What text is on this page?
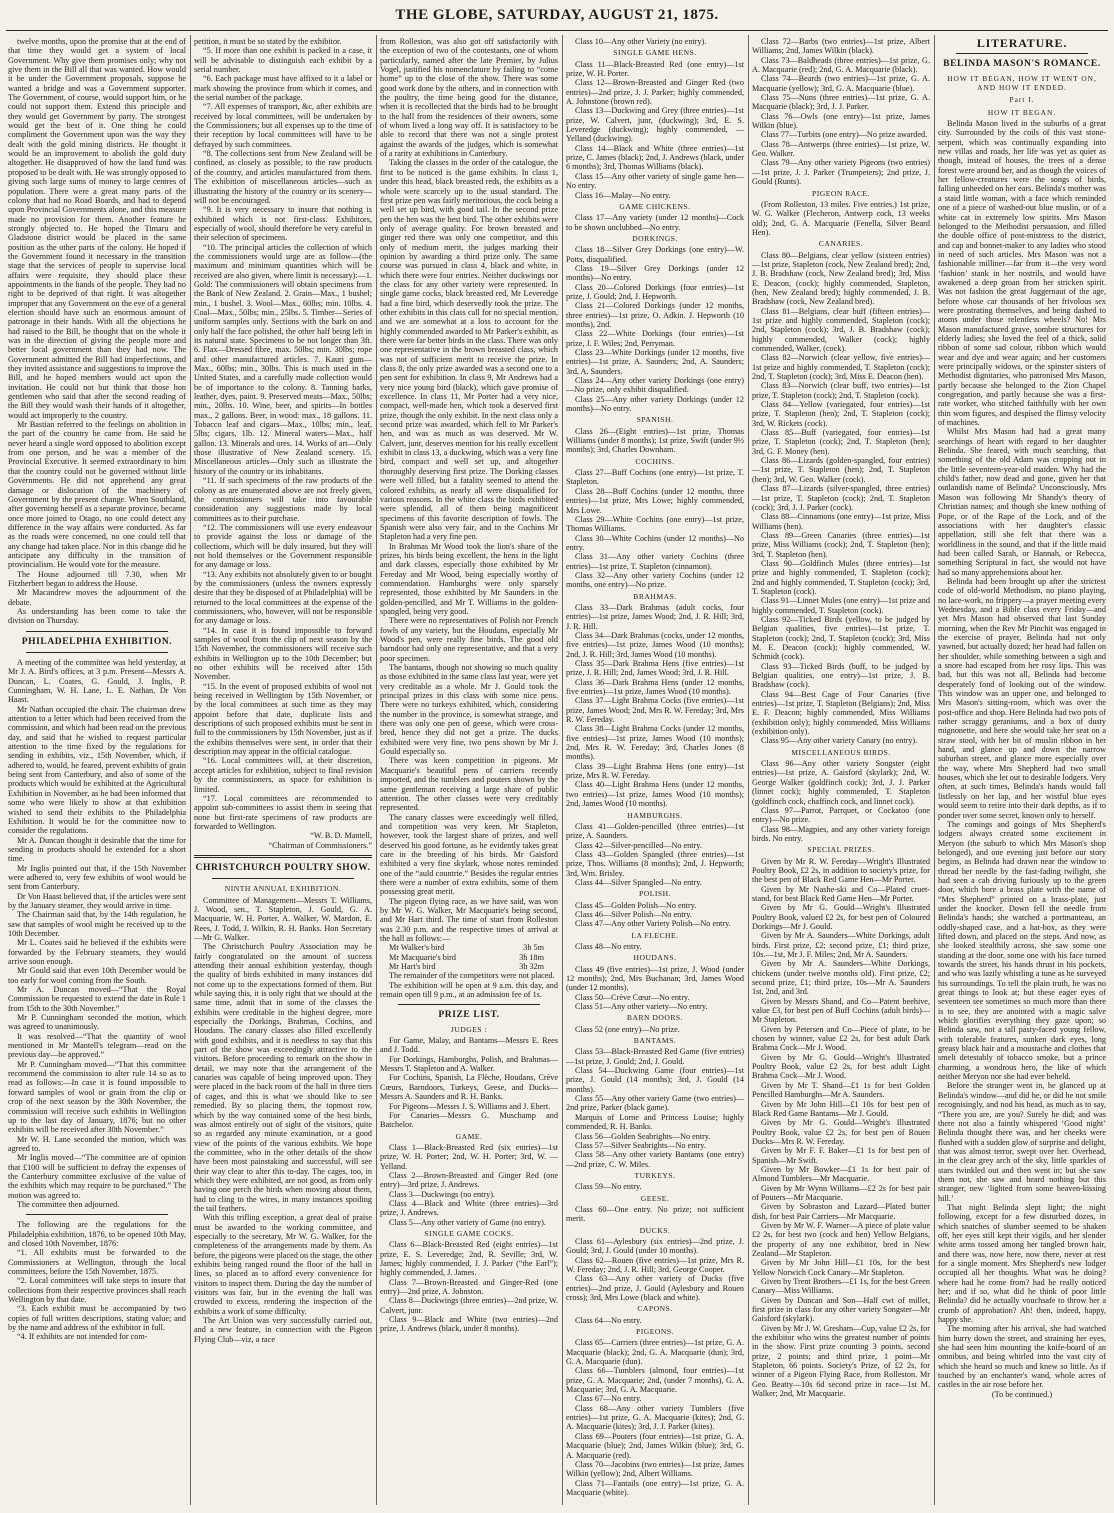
THE GLOBE, SATURDAY, AUGUST 21, 1875.

twelve months, upon the promise that at the end of that time they would get a system of local Government. Why give them promises only; why not give them in the Bill all that was wanted. How would it be under the Government proposals, suppose he wanted a bridge and was a Government supporter. The Government, of course, would support him, or he could not support them. Extend this principle and they would get Government by party. The strongest would get the best of it. One thing he could compliment the Government upon was the way they dealt with the gold mining districts. He thought it would be an improvement to abolish the gold duty altogether. He disapproved of how the land fund was proposed to be dealt with. He was strongly opposed to giving such large sums of money to large centres of population. There were a great many parts of the colony that had no Road Boards, and had to depend upon Provincial Governments alone, and this measure made no provision for them. Another feature he strongly objected to. He hoped the Timaru and Gladstone district would be placed in the same position as the other parts of the colony. He hoped if the Government found it necessary in the transition stage that the services of people to supervise local affairs were requisite, they should place these appointments in the hands of the people. They had no right to be deprived of that right. It was altogether improper that any Government on the eve of a general election should have such an enormous amount of patronage in their hands. With all the objections he had raised to the Bill, he thought that on the whole it was in the direction of giving the people more and better local government than they had now. The Government admitted the Bill had imperfections, and they invited assistance and suggestions to improve the Bill, and he hoped members would act upon the invitation. He could not but think that those hon gentlemen who said that after the second reading of the Bill they would wash their hands of it altogether, would act improperly to the country.

Mr Bastian referred to the feelings on abolition in the part of the country he came from. He said he never heard a single word opposed to abolition except from one person, and he was a member of the Provincial Executive. It seemed extraordinary to him that the country could not be governed without little Governments. He did not apprehend any great damage or dislocation of the machinery of Government by the present change. When Southland, after governing herself as a separate province, became once more joined to Otago, no one could detect any difference in the way affairs were conducted. As far as the roads were concerned, no one could tell that any change had taken place. Nor in this change did he anticipate any difficulty in the transition of provincialism. He would vote for the measure.

The House adjourned till 7.30, when Mr Fitzherbert began to address the House.

Mr Macandrew moves the adjournment of the debate.

As understanding has been come to take the division on Thursday.

PHILADELPHIA EXHIBITION.

A meeting of the committee was held yesterday, at Mr J. A. Bird's offices, at 3 p.m. Present—Messrs A. Duncan, L. Coates, G. Gould, J. Inglis, P. Cunningham, W. H. Lane, L. E. Nathan, Dr Von Haast.

Mr Nathan occupied the chair. The chairman drew attention to a letter which had been received from the commission, and which had been read on the previous day, and said that he wished to request particular attention to the time fixed by the regulations for sending in exhibits, viz., 15th November, which, if adhered to, would, he feared, prevent exhibits of grain being sent from Canterbury, and also of some of the products which would be exhibited at the Agricultural Exhibition in November, as he had been informed that some who were likely to show at that exhibition wished to send their exhibits to the Philadelphia Exhibition. It would be for the committee now to consider the regulations.

Mr A. Duncan thought it desirable that the time for sending in products should be extended for a short time.

Mr Inglis pointed out that, if the 15th November were adhered to, very few exhibits of wool would be sent from Canterbury.

Dr Von Haast believed that, if the articles were sent by the January steamer, they would arrive in time.

The Chairman said that, by the 14th regulation, he saw that samples of wool might be received up to the 10th December.

Mr L. Coates said he believed if the exhibits were forwarded by the February steamers, they would arrive soon enough.

Mr Gould said that even 10th December would be too early for wool coming from the South.

Mr A. Duncan moved—“That the Royal Commission be requested to extend the date in Rule 1 from 15th to the 30th November.”

Mr P. Cunningham seconded the motion, which was agreed to unanimously.

It was resolved—“That the quantity of wool mentioned in Mr Mantell's telegram—read on the previous day—be approved.”

Mr P. Cunningham moved—“That this committee recommend the commission to alter rule 14 so as to read as follows:—In case it is found impossible to forward samples of wool or grain from the clip or crop of the next season by the 30th November, the commission will receive such exhibits in Wellington up to the last day of January, 1876; but no other exhibits will be received after 30th November.”

Mr W. H. Lane seconded the motion, which was agreed to.

Mr Inglis moved—“The committee are of opinion that £100 will be sufficient to defray the expenses of the Canterbury committee exclusive of the value of the exhibits which may require to be purchased.” The motion was agreed to.

The committee then adjourned.

The following are the regulations for the Philadelphia exhibition, 1876, to be opened 10th May, and closed 10th November, 1876:

“1. All exhibits must be forwarded to the Commissioners at Wellington, through the local committees, before the 15th November, 1875.

“2. Local committees will take steps to insure that collections from their respective provinces shall reach Wellington by that date.

“3. Each exhibit must be accompanied by two copies of full written descriptions, stating value; and by the name and address of the exhibitor in full.

“4. If exhibits are not intended for com-

petition, it must be so stated by the exhibitor.

“5. If more than one exhibit is packed in a case, it will be advisable to distinguish each exhibit by a serial number.

“6. Each package must have affixed to it a label or mark showing the province from which it comes, and the serial number of the package.

“7. All expenses of transport, &c, after exhibits are received by local committees, will be undertaken by the Commissioners; but all expenses up to the time of their reception by local committees will have to be defrayed by such committees.

“8. The collections sent from New Zealand will be confined, as closely as possible, to the raw products of the country, and articles manufactured from them. The exhibition of miscellaneous articles—such as illustrating the history of the country or its scenery—will not be encouraged.

“9. It is very necessary to insure that nothing is exhibited which is not first-class. Exhibitors, especially of wool, should therefore be very careful in their selection of specimens.

“10. The principal articles the collection of which the commissioners would urge are as follow—(the maximum and minimum quantities which will be received are also given, where limit is necessary):—1. Gold: The commissioners will obtain specimens from the Bank of New Zealand. 2. Grain—Max., 1 bushel; min., 1 bushel. 3. Wool—Max., 60lbs; min. 10lbs. 4. Coal—Max., 50lbs; min., 25lbs. 5. Timber—Series of uniform samples only. Sections with the bark on and only half the face polished, the other half being left in its natural state. Specimens to be not longer than 3ft. 6. Flax—Dressed fibre, max. 50lbs; min. 30lbs; rope and other manufactured articles. 7. Kauri gum—Max., 60lbs; min., 30lbs. This is much used in the United States, and a carefully made collection would be of importance to the colony. 8. Tanning barks, leather, dyes, paint. 9. Preserved meats—Max., 50lbs; min., 20lbs. 10. Wine, beer, and spirits—In bottles max., 2 gallons. Beer, in wood: max., 18 gallons. 11. Tobacco leaf and cigars—Max., 10lbs; min., leaf, 5lbs; cigars, 1lb. 12. Mineral waters—Max., half gallon. 13. Minerals and ores. 14. Works of art—Only those illustrative of New Zealand scenery. 15. Miscellaneous articles—Only such as illustrate the history of the country or its inhabitants.

“11. If such specimens of the raw products of the colony as are enumerated above are not freely given, the commissioners will take into favourable consideration any suggestions made by local committees as to their purchase.

“12. The commissioners will use every endeavour to provide against the loss or damage of the collections, which will be duly insured, but they will not hold themselves or the Government responsible for any damage or loss.

“13. Any exhibits not absolutely given to or bought by the commissioners (unless the owners expressly desire that they be disposed of at Philadelphia) will be returned to the local committees at the expense of the commissioners, who, however, will not be responsible for any damage or loss.

“14. In case it is found impossible to forward samples of wool from the clip of next season by the 15th November, the commissioners will receive such exhibits in Wellington up to the 10th December; but no other exhibits will be received after 15th November.

“15. In the event of proposed exhibits of wool not being received in Wellington by 15th November, or by the local committees at such time as they may appoint before that date, duplicate lists and descriptions of such proposed exhibits must be sent in full to the commissioners by 15th November, just as if the exhibits themselves were sent, in order that their description may appear in the official catalogue.

“16. Local committees will, at their discretion, accept articles for exhibition, subject to final revision by the commissioners, as space for exhibition is limited.

“17. Local committees are recommended to appoint sub-committees to assist them in seeing that none but first-rate specimens of raw products are forwarded to Wellington.

“W. B. D. Mantell,

“Chairman of Commissioners.”

CHRISTCHURCH POULTRY SHOW.
NINTH ANNUAL EXHIBITION.

Committee of Management—Messrs T. Williams, J. Wood, sen., T. Stapleton, J. Gould, G. A. Macquarie, W. H. Porter, A. Walker, W. Mardon, E. Rees, J. Todd, J. Wilkin, R. H. Banks. Hon Secretary—Mr G. Walker.

The Christchurch Poultry Association may be fairly congratulated on the amount of success attending their annual exhibition yesterday, though the quality of birds exhibited in many instances did not come up to the expectations formed of them. But while saying this, it is only right that we should at the same time, admit that in some of the classes the exhibits were creditable in the highest degree, more especially the Dorkings, Brahmas, Cochins, and Houdans. The canary classes also filled excellently with good exhibits, and it is needless to say that this part of the show was exceedingly attractive to the visitors. Before proceeding to remark on the show in detail, we may note that the arrangement of the canaries was capable of being improved upon. They were placed in the back room of the hall in three tiers of cages, and this is what we should like to see remedied. By so placing them, the topmost row, which by the way contained some of the best birds, was almost entirely out of sight of the visitors, quite so as regarded any minute examination, or a good view of the points of the various exhibits. We hope the committee, who in the other details of the show have been most painstaking and successful, will see their way clear to alter this to-day. The cages, too, in which they were exhibited, are not good, as from only having one perch the birds when moving about them, had to cling to the wires, in many instances spoiling the tail feathers.

With this trifling exception, a great deal of praise must be awarded to the working committee, and especially to the secretary, Mr W. G. Walker, for the completeness of the arrangements made by them. As before, the pigeons were placed on the stage, the other exhibits being ranged round the floor of the hall in lines, so placed as to afford every convenience for visitors to inspect them. During the day the number of visitors was fair, but in the evening the hall was crowded to excess, rendering the inspection of the exhibits a work of some difficulty.

The Art Union was very successfully carried out, and a new feature, in connection with the Pigeon Flying Club—viz, a race

from Rolleston, was also got off satisfactorily with the exception of two of the contestants, one of whom particularly, named after the late Premier, by Julius Vogel, justified his nomenclature by failing to “come home” up to the close of the show. There was some good work done by the others, and in connection with the poultry, the time being good for the distance, when it is recollected that the birds had to be brought to the hall from the residences of their owners, some of whom lived a long way off. It is satisfactory to be able to record that there was not a single protest against the awards of the judges, which is somewhat of a rarity at exhibitions in Canterbury.

Taking the classes in the order of the catalogue, the first to be noticed is the game exhibits. In class 1, under this head, black breasted reds, the exhibits as a whole were scarcely up to the usual standard. The first prize pen was fairly meritorious, the cock being a well set up bird, with good tail. In the second prize pen the hen was the best bird. The other exhibits were only of average quality. For brown breasted and ginger red there was only one competitor, and this only of medium merit, the judges marking their opinion by awarding a third prize only. The same course was pursued in class 4, black and white, in which there were four entries. Neither duckwings nor the class for any other variety were represented. In single game cocks, black breasted red, Mr Leveredge had a fine bird, which deservedly took the prize. The other exhibits in this class call for no special mention, and we are somewhat at a loss to account for the highly commended awarded to Mr Parker's exhibit, as there were far better birds in the class. There was only one representative in the brown breasted class, which was not of sufficient merit to receive the prize. In class 8, the only prize awarded was a second one to a pen sent for exhibition. In class 9, Mr Andrews had a very nice young bird (black), which gave promise of excellence. In class 11, Mr Porter had a very nice, compact, well-made hen, which took a deserved first prize, though the only exhibit. In the next class only a second prize was awarded, which fell to Mr Parker's hen, and was as much as was deserved. Mr W. Calvert, junr, deserves mention for his really excellent exhibit in class 13, a duckwing, which was a very fine bird, compact and well set up, and altogether thoroughly deserving first prize. The Dorking classes were well filled, but a fatality seemed to attend the colored exhibits, as nearly all were disqualified for various reasons. In the white class the birds exhibited were splendid, all of them being magnificent specimens of this favorite description of fowls. The Spanish were also very fair, and in the Cochins Mr Stapleton had a very fine pen.

In Brahmas Mr Wood took the lion's share of the prizes, his birds being excellent, the hens in the light and dark classes, especially those exhibited by Mr Fereday and Mr Wood, being especially worthy of commendation. Hamburghs were only sparsely represented, those exhibited by Mr Saunders in the golden-pencilled, and Mr T. Williams in the golden-spangled, being very good.

There were no representatives of Polish nor French fowls of any variety, but the Houdans, especially Mr Wood's pen, were really fine birds. The good old barndoor had only one representative, and that a very poor specimen.

The bantams, though not showing so much quality as those exhibited in the same class last year, were yet very creditable as a whole. Mr J. Gould took the principal prizes in this class with some nice pens. There were no turkeys exhibited, which, considering the number in the province, is somewhat strange, and there was only one pen of geese, which were cross-bred, hence they did not get a prize. The ducks exhibited were very fine, two pens shown by Mr J. Gould especially so.

There was keen competition in pigeons. Mr Macquarie's beautiful pens of carriers recently imported, and the tumblers and pouters shown by the same gentleman receiving a large share of public attention. The other classes were very creditably represented.

The canary classes were exceedingly well filled, and competition was very keen. Mr Stapleton, however, took the largest share of prizes, and well deserved his good fortune, as he evidently takes great care in the breeding of his birds. Mr Gaisford exhibited a very fine skylark, whose notes reminded one of the “auld countrie.” Besides the regular entries there were a number of extra exhibits, some of them possessing great merit.

The pigeon flying race, as we have said, was won by Mr W. G. Walker, Mr Macquarie's being second, and Mr Hart third. The time of start from Rolleston was 2.30 p.m. and the respective times of arrival at the hall as follows:—

Mr Walker's bird	3h 5m
Mr Macquarie's bird	3h 18m
Mr Hart's bird	3h 32m

The remainder of the competitors were not placed.

The exhibition will be open at 9 a.m. this day, and remain open till 9 p.m., at an admission fee of 1s.

PRIZE LIST.
JUDGES :

For Game, Malay, and Bantams—Messrs E. Rees and J. Todd.

For Dorkings, Hamburghs, Polish, and Brahmas—Messrs T. Stapleton and A. Walker.

For Cochins, Spanish, La Flèche, Houdans, Crève Cœurs, Barndoors, Turkeys, Geese, and Ducks—Messrs A. Saunders and R. H. Banks.

For Pigeons—Messrs J. S. Williams and J. Ebert.

For Canaries—Messrs G. Muschamp and Batchelor.

GAME.

Class 1—Black-Breasted Red (six entries)—1st prize, W. H. Porter; 2nd, W. H. Porter; 3rd, W. — Yelland.

Class 2—Brown-Breasted and Ginger Red (one entry)—3rd prize, J. Andrews.

Class 3—Duckwings (no entry).

Class 4—Black and White (three entries)—3rd prize, J. Andrews.

Class 5—Any other variety of Game (no entry).

SINGLE GAME COCKS.

Class 6—Black-Breasted Red (eight entries)—1st prize, E. S. Leveredge; 2nd, R. Seville; 3rd, W. James; highly commended, J. J. Parker (“the Earl”); highly commended, J. James.

Class 7—Brown-Breasted and Ginger-Red (one entry)—2nd prize, A. Johnston.

Class 8—Duckwings (three entries)—2nd prize, W. Calvert, junr.

Class 9—Black and White (two entries)—2nd prize, J. Andrews (black, under 8 months).

Class 10—Any other Variety (no entry).

SINGLE GAME HENS.

Class 11—Black-Breasted Red (one entry)—1st prize, W. H. Porter.

Class 12—Brown-Breasted and Ginger Red (two entries)—2nd prize, J. J. Parker; highly commended, A. Johnstone (brown red).

Class 13—Duckwing and Grey (three entries)—1st prize, W. Calvert, junr, (duckwing); 3rd, E. S. Leveredge (duckwing); highly commended, — Yelland (duckwing).

Class 14—Black and White (three entries)—1st prize, C. James (black); 2nd, J. Andrews (black, under 6 months); 3rd, Thomas Williams (black).

Class 15—Any other variety of single game hen—No entry.

Class 16—Malay—No entry.

GAME CHICKENS.

Class 17—Any variety (under 12 months)—Cock to be shown unclubbed—No entry.

DORKINGS.

Class 18—Silver Grey Dorkings (one entry)—W. Potts, disqualified.

Class 19—Silver Grey Dorkings (under 12 months)—No entry.

Class 20—Colored Dorkings (four entries)—1st prize, J. Gould; 2nd, J. Hepworth.

Class 21—Colored Dorkings (under 12 months, three entries)—1st prize, O. Adkin. J. Hepworth (10 months), 2nd.

Class 22—White Dorkings (four entries)—1st prize, J. F. Wiles; 2nd, Perryman.

Class 23—White Dorkings (under 12 months, five entries)—1st prize, A. Saunders; 2nd, A. Saunders; 3rd, A. Saunders.

Class 24—Any other variety Dorkings (one entry)—No prize, only exhibit disqualified.

Class 25—Any other variety Dorkings (under 12 months)—No entry.

SPANISH.

Class 26—(Eight entries)—1st prize, Thomas Williams (under 8 months); 1st prize, Swift (under 9½ months); 3rd, Charles Downham.

COCHINS.

Class 27—Buff Cochins (one entry)—1st prize, T. Stapleton.

Class 28—Buff Cochins (under 12 months, three entries)—1st prize, Mrs Lowe; highly commended, Mrs Lowe.

Class 29—White Cochins (one entry)—1st prize, Thomas Williams.

Class 30—White Cochins (under 12 months)—No entry.

Class 31—Any other variety Cochins (three entries)—1st prize, T. Stapleton (cinnamon).

Class 32—Any other variety Cochins (under 12 months, one entry)—No prize.

BRAHMAS.

Class 33—Dark Brahmas (adult cocks, four entries)—1st prize, James Wood; 2nd, J. R. Hill; 3rd, J. R. Hill.

Class 34—Dark Brahmas (cocks, under 12 months, five entries)—1st prize, James Wood (10 months); 2nd, J. R. Hill; 3rd, James Wood (10 months).

Class 35—Dark Brahma Hens (five entries)—1st prize, J. R. Hill; 2nd, James Wood; 3rd, J. R. Hill.

Class 36—Dark Brahma Hens (under 12 months, five entries)—1st prize, James Wood (10 months).

Class 37—Light Brahma Cocks (five entries)—1st prize, James Wood; 2nd, Mrs R. W. Fereday; 3rd, Mrs R. W. Fereday.

Class 38—Light Brahma Cocks (under 12 months, five entries)—1st prize, James Wood (10 months); 2nd, Mrs R. W. Fereday; 3rd, Charles Jones (8 months).

Class 39—Light Brahma Hens (one entry)—1st prize, Mrs R. W. Fereday.

Class 40—Light Brahma Hens (under 12 months, two entries)—1st prize, James Wood (10 months); 2nd, James Wood (10 months).

HAMBURGHS.

Class 41—Golden-pencilled (three entries)—1st prize, A. Saunders.

Class 42—Silver-pencilled—No entry.

Class 43—Golden Spangled (three entries)—1st prize, Thos. Williams (8 months); 2nd, J. Hepworth; 3rd, Wm. Brisley.

Class 44—Silver Spangled—No entry.

POLISH.

Class 45—Golden Polish—No entry.

Class 46—Silver Polish—No entry.

Class 47—Any other Variety Polish—No entry.

LA FLECHE.

Class 48—No entry.

HOUDANS.

Class 49 (five entries)—1st prize, J. Wood (under 12 months); 2nd, Mrs Buchanan; 3rd, James Wood (under 12 months).

Class 50—Crève Cœur—No entry.

Class 51—Any other variety—No entry.

BARN DOORS.

Class 52 (one entry)—No prize.

BANTAMS.

Class 53—Black-Breasted Red Game (five entries)—1st prize, J. Gould; 2nd, J. Gould.

Class 54—Duckwing Game (four entries)—1st prize, J. Gould (14 months); 3rd, J. Gould (14 months).

Class 55—Any other variety Game (two entries)—2nd prize, Parker (black game).

Marquis of Lorne and Princess Louise; highly commended, R. H. Banks.

Class 56—Golden Seabrights—No entry.

Class 57—Silver Seabrights—No entry.

Class 58—Any other variety Bantams (one entry)—2nd prize, C. W. Miles.

TURKEYS.

Class 59—No entry.

GEESE.

Class 60—One entry. No prize; not sufficient merit.

DUCKS.

Class 61—Aylesbury (six entries)—2nd prize, J. Gould; 3rd, J. Gould (under 10 months).

Class 62—Rouen (five entries)—1st prize, Mrs R. W. Fereday; 2nd, J. R. Hill; 3rd, George Cooper.

Class 63—Any other variety of Ducks (five entries)—2nd prize, J. Gould (Aylesbury and Rouen cross); 3rd, Mrs Lowe (black and white).

CAPONS.

Class 64—No entry.

PIGEONS.

Class 65—Carriers (three entries)—1st prize, G. A. Macquarie (black); 2nd, G. A. Macquarie (dun); 3rd, G. A. Macquarie (dun).

Class 66—Tumblers (almond, four entries)—1st prize, G. A. Macquarie; 2nd, (under 7 months), G. A. Macquarie; 3rd, G. A. Macquarie.

Class 67—No entry.

Class 68—Any other variety Tumblers (five entries)—1st prize, G. A. Macquarie (kites); 2nd, G. A. Macquarie (kites); 3rd, J. J. Parker (kites).

Class 69—Pouters (four entries)—1st prize, G. A. Macquarie (blue); 2nd, James Wilkin (blue); 3rd, G. A. Macquarie (red).

Class 70—Jacobins (two entries)—1st prize, James Wilkin (yellow); 2nd, Albert Williams.

Class 71—Fantails (one entry)—1st prize, G. A. Macquarie (white).

Class 72—Barbs (two entries)—1st prize, Albert Williams; 2nd, James Wilkin (black).

Class 73—Baldheads (three entries)—1st prize, G. A. Macquarie (red); 2nd, G. A. Macquarie (black).

Class 74—Beards (two entries)—1st prize, G. A. Macquarie (yellow); 3rd, G. A. Macquarie (blue).

Class 75—Nuns (three entries)—1st prize, G. A. Macquarie (black); 3rd, J. J. Parker.

Class 76—Owls (one entry)—1st prize, James Wilkin (blue).

Class 77—Turbits (one entry)—No prize awarded.

Class 78—Antwerps (three entries)—1st prize, W. Geo. Walker.

Class 79—Any other variety Pigeons (two entries)—1st prize, J. J. Parker (Trumpeters); 2nd prize, J. Gould (Runts).

PIGEON RACE.

(From Rolleston, 13 miles. Five entries.) 1st prize, W. G. Walker (Flecheron, Antwerp cock, 13 weeks old); 2nd, G. A. Macquarie (Fenella, Silver Beard Hen).

CANARIES.

Class 80—Belgians, clear yellow (sixteen entries)—1st prize, Stapleton (cock, New Zealand bred); 2nd, J. B. Bradshaw (cock, New Zealand bred); 3rd, Miss E. Deacon, (cock); highly commended, Stapleton, (hen, New Zealand bred); highly commended, J. B. Bradshaw (cock, New Zealand bred).

Class 81—Belgians, clear buff (fifteen entries)—1st prize and highly commended, Stapleton (cock); 2nd, Stapleton (cock); 3rd, J. B. Bradshaw (cock); highly commended, Walker (cock); highly commended, Walker, (cock).

Class 82—Norwich (clear yellow, five entries)—1st prize and highly commended, T. Stapleton (cock); 2nd, T. Stapleton (cock); 3rd, Miss E. Deacon (hen).

Class 83—Norwich (clear buff, two entries)—1st prize, T. Stapleton (cock); 2nd, T. Stapleton (cock).

Class 84—Yellow (variegated, four entries)—1st prize, T. Stapleton (hen); 2nd, T. Stapleton (cock); 3rd, W. Rickets (cock).

Class 85—Buff (variegated, four entries)—1st prize, T. Stapleton (cock); 2nd, T. Stapleton (hen); 3rd, G. F. Money (hen).

Class 86—Lizards (golden-spangled, four entries)—1st prize, T. Stapleton (hen); 2nd, T. Stapleton (hen); 3rd, W. Geo. Walker (cock).

Class 87—Lizards (silver-spangled, three entries)—1st prize, T. Stapleton (cock); 2nd, T. Stapleton (cock); 3rd, J. J. Parker (cock).

Class 88—Cinnamons (one entry)—1st prize, Miss Williams (hen).

Class 89—Green Canaries (three entries)—1st prize, Miss Williams (cock); 2nd, T. Stapleton (hen); 3rd, T. Stapleton (hen).

Class 90—Goldfinch Mules (three entries)—1st prize and highly commended, T. Stapleton (cock); 2nd and highly commended, T. Stapleton (cock); 3rd, T. Stapleton (cock).

Class 91—Linnet Mules (one entry)—1st prize and highly commended, T. Stapleton (cock).

Class 92—Ticked Birds (yellow, to be judged by Belgian qualities, five entries)—1st prize, T. Stapleton (cock); 2nd, T. Stapleton (cock); 3rd, Miss M. E. Deacon (cock); highly commended, W. Schmidt (cock).

Class 93—Ticked Birds (buff, to be judged by Belgian qualities, one entry)—1st prize, J. B. Bradshaw (cock).

Class 94—Best Cage of Four Canaries (five entries)—1st prize, T. Stapleton (Belgians); 2nd, Miss E. F. Deacon; highly commended, Miss Williams (exhibition only); highly commended, Miss Williams (exhibition only).

Class 95—Any other variety Canary (no entry).

MISCELLANEOUS BIRDS.

Class 96—Any other variety Songster (eight entries)—1st prize, A. Gaisford (skylark); 2nd, W. George Walker (goldfinch cock); 3rd, J. J. Parker (linnet cock); highly commended, T. Stapleton (goldfinch cock, chaffinch cock, and linnet cock).

Class 97—Parrot, Parrquet, or Cockatoo (one entry)—No prize.

Class 98—Magpies, and any other variety foreign birds. No entry.

SPECIAL PRIZES.

Given by Mr R. W. Fereday—Wright's Illustrated Poultry Book, £2 2s, in addition to society's prize, for the best pen of Black Red Game Hen—Mr Porter.

Given by Mr Nashe-ski and Co—Plated cruet-stand, for best Black Red Game Hen—Mr Porter.

Given by Mr G. Gould—Wright's Illustrated Poultry Book, valued £2 2s, for best pen of Coloured Dorkings—Mr J. Gould.

Given by Mr A. Saunders—White Dorkings, adult birds. First prize, £2; second prize, £1; third prize, 10s.—1st, Mr J. F. Miles; 2nd, Mr A. Saunders.

Given by Mr A. Saunders—White Dorkings, chickens (under twelve months old). First prize, £2; second prize, £1; third prize, 10s—Mr A. Saunders 1st, 2nd, and 3rd.

Given by Messrs Shand, and Co—Patent beehive, value £3, for best pen of Buff Cochins (adult birds)—Mr Stapleton.

Given by Petersen and Co—Piece of plate, to be chosen by winner, value £2 2s, for best adult Dark Brahma Cock—Mr J. Wood.

Given by Mr G. Gould—Wright's Illustrated Poultry Book, value £2 2s, for best adult Light Brahma Cock—Mr J. Wood.

Given by Mr T. Shand—£1 1s for best Golden Pencilled Hamburghs—Mr A. Saunders.

Given by Mr John Hill—£1 10s for best pen of Black Red Game Bantams—Mr J. Gould.

Given by Mr G. Gould—Wright's Illustrated Poultry Book, value £2 2s, for best pen of Rouen Ducks—Mrs R. W. Fereday.

Given by Mr F. F. Baker—£1 1s for best pen of Spanish—Mr Swift.

Given by Mr Bowker—£1 1s for best pair of Almond Tumblers—Mr Macquarie.

Given by Mr Wynn Williams—£2 2s for best pair of Pouters—Mr Macquarie.

Given by Sobraston and Lazard—Plated butter dish, for best Pair Carriers—Mr Macquarie.

Given by Mr W. F. Warner—A piece of plate value £2 2s, for best two (cock and hen) Yellow Belgians, the property of any one exhibitor, bred in New Zealand—Mr Stapleton.

Given by Mr John Hill—£1 10s, for the best Yellow Norwich Cock Canary—Mr Stapleton.

Given by Trent Brothers—£1 1s, for the best Green Canary—Miss Williams.

Given by Duncan and Son—Half cwt of millet, first prize in class for any other variety Songster—Mr Gaisford (skylark).

Given by Mr J. W. Gresham—Cup, value £2 2s, for the exhibitor who wins the greatest number of points in the show. First prize counting 3 points, second prize, 2 points; and third prize, 1 point—Mr Stapleton, 66 points. Society's Prize, of £2 2s, for winner of a Pigeon Flying Race, from Rolleston. Mr Geo. Beatty—10s 6d second prize in race—1st M. Walker; 2nd, Mr Macquarie.

LITERATURE.
BELINDA MASON'S ROMANCE.
HOW IT BEGAN, HOW IT WENT ON, AND HOW IT ENDED.
Part I.
HOW IT BEGAN.

Belinda Mason lived in the suburbs of a great city. Surrounded by the coils of this vast stone-serpent, which was continually expanding into new villas and roads, her life was yet as quiet as though, instead of houses, the trees of a dense forest were around her, and as though the voices of her fellow-creatures were the songs of birds, falling unheeded on her ears. Belinda's mother was a staid little woman, with a face which reminded one of a piece of washed-out blue muslin, or of a white cat in extremely low spirits. Mrs Mason belonged to the Methodist persuasion, and filled the double office of post-mistress to the district, and cap and bonnet-maker to any ladies who stood in need of such articles. Mrs Mason was not a fashionable milliner—far from it—the very word ‘fashion’ stank in her nostrils, and would have awakened a deep groan from her stricken spirit. Was not fashion the great Juggernaut of the age, before whose car thousands of her frivolous sex were prostrating themselves, and being dashed to atoms under those relentless wheels? No! Mrs Mason manufactured grave, sombre structures for elderly ladies; she loved the feel of a thick, solid ribbon of some sad colour, ribbon which would wear and dye and wear again; and her customers were principally widows, or the spinster sisters of Methodist dignitaries, who patronised Mrs Mason, partly because she belonged to the Zion Chapel congregation, and partly because she was a first-rate worker, who stitched faithfully with her own thin worn figures, and despised the flimsy velocity of machines.

Whilst Mrs Mason had had a great many searchings of heart with regard to her daughter Belinda. She feared, with much searching, that something of the old Adam was cropping out in the little seventeen-year-old maiden. Why had the child's father, now dead and gone, given her that outlandish name of Belinda? Unconsciously, Mrs Mason was following Mr Shandy's theory of Christian names; and though she knew nothing of Pope, or of the Rape of the Lock, and of the associations with her daughter's classic appellation, still she felt that there was a worldliness in the sound, and that if the little maid had been called Sarah, or Hannah, or Rebecca, something Scriptural in fact, she would not have had so many apprehensions about her.

Belinda had been brought up after the strictest code of old-world Methodism, no piano playing, no lace-work, no frippery—a prayer meeting every Wednesday, and a Bible class every Friday—and yet Mrs Mason had observed that last Sunday morning, when the Rev Mr Pinchit was engaged in the exercise of prayer, Belinda had not only yawned, but actually dozed; her head had fallen on her shoulder, while something between a sigh and a snore had escaped from her rosy lips. This was bad, but this was not all, Belinda had become desperately fond of looking out of the window. This window was an upper one, and belonged to Mrs Mason's sitting-room, which was over the post-office and shop. Here Belinda had two pots of rather scraggy geraniums, and a box of dusty mignonette, and here she would take her seat on a straw stool, with her bit of muslin ribbon in her hand, and glance up and down the narrow suburban street, and glance more especially over the way, where Mrs Shepherd had two small houses, which she let out to desirable lodgers. Very often, at such times, Belinda's hands would fall listlessly on her lap, and her wistful blue eyes would seem to retire into their dark depths, as if to ponder over some secret, known only to herself.

The comings and goings of Mrs Shepherd's lodgers always created some excitement in Meryon (the suburb to which Mrs Mason's shop belonged), and one evening just before our story begins, as Belinda had drawn near the window to thread her needle by the fast-fading twilight, she had seen a cab driving furiously up to the green door, which bore a brass plate with the name of “Mrs Shepherd” printed on a brass-plate, just under the knocker. Down fell the needle from Belinda's hands; she watched a portmanteau, an oddly-shaped case, and a hat-box, as they were lifted down, and placed on the steps. And now, as she looked stealthily across, she saw some one standing at the door, some one with his face turned towards the street, his hands thrust in his pockets, and who was lazily whistling a tune as he surveyed his surroundings. To tell the plain truth, he was no great things to look at; but these eager eyes of seventeen see sometimes so much more than there is to see, they are anointed with a magic salve which glorifies everything they gaze upon; so Belinda saw, not a tall pasty-faced young fellow, with tolerable features, sunken dark eyes, long greasy black hair and a moustache and clothes that smelt detestably of tobacco smoke, but a prince charming, a wondrous hero, the like of which neither Meryon nor she had ever beheld.

Before the stranger went in, he glanced up at Belinda's window—and did he, or did he not smile recognisingly, and nod his head, as much as to say, “There you are, are you? Surely he did; and was there not also a faintly whispered ‘Good night’ Belinda thought there was, and her cheeks were flushed with a sudden glow of surprise and delight, that was almost terror, swept over her. Overhead, in the clear grey arch of the sky, little sparkles of stars twinkled out and then went in; but she saw them not, she saw and heard nothing but this stranger, new ‘lighted from some heaven-kissing hill.’

That night Belinda slept light; the night following, except for a few disturbed dozes, in which snatches of slumber seemed to be shaken off, her eyes still kept their vigils, and her slender white arms tossed among her tangled brown hair, and there was, now here, now there, never at rest for a single moment. Mrs Shepherd's new lodger occupied all her thoughts. What was he doing? where had he come from? had he really noticed her; and if so, what did he think of poor little Belinda? did he actually vouchsafe to throw her a crumb of approbation? Ah! then, indeed, happy, happy she.

The morning after his arrival, she had watched him hurry down the street, and straining her eyes, she had seen him mounting the knife-board of an omnibus, and being whirled into the vast city of which she heard so much and knew so little. As if touched by an enchanter's wand, whole acres of castles in the air rose before her.

(To be continued.)
